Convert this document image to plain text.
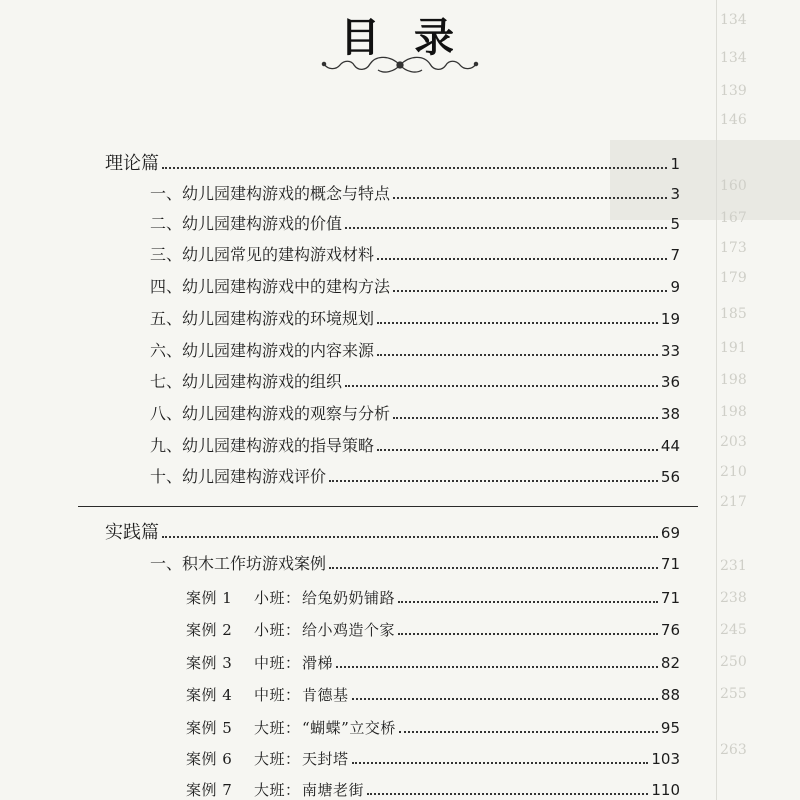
134
134
139
146
160
167
173
179
185
191
198
198
203
210
217
231
238
245
250
255
263
目录
理论篇	1
一、幼儿园建构游戏的概念与特点	3
二、幼儿园建构游戏的价值	5
三、幼儿园常见的建构游戏材料	7
四、幼儿园建构游戏中的建构方法	9
五、幼儿园建构游戏的环境规划	19
六、幼儿园建构游戏的内容来源	33
七、幼儿园建构游戏的组织	36
八、幼儿园建构游戏的观察与分析	38
九、幼儿园建构游戏的指导策略	44
十、幼儿园建构游戏评价	56
实践篇	69
一、积木工作坊游戏案例	71
案例 1 小班：给兔奶奶铺路	71
案例 2 小班：给小鸡造个家	76
案例 3 中班：滑梯	82
案例 4 中班：肯德基	88
案例 5 大班：“蝴蝶”立交桥	95
案例 6 大班：天封塔	103
案例 7 大班：南塘老街	110
